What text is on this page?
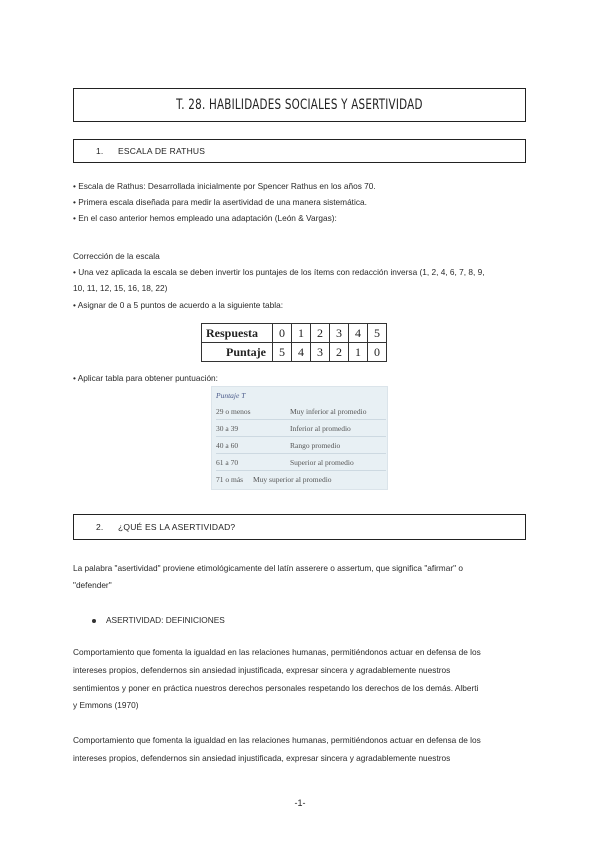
T. 28. HABILIDADES SOCIALES Y ASERTIVIDAD
1.	ESCALA DE RATHUS
• Escala de Rathus: Desarrollada inicialmente por Spencer Rathus en los años 70.
• Primera escala diseñada para medir la asertividad de una manera sistemática.
• En el caso anterior hemos empleado una adaptación (León & Vargas):
Corrección de la escala
• Una vez aplicada la escala se deben invertir los puntajes de los ítems con redacción inversa (1, 2, 4, 6, 7, 8, 9,
10, 11, 12, 15, 16, 18, 22)
• Asignar de 0 a 5 puntos de acuerdo a la siguiente tabla:
Respuesta	0	1	2	3	4	5
Puntaje	5	4	3	2	1	0
• Aplicar tabla para obtener puntuación:
Puntaje T
29 o menos	Muy inferior al promedio
30 a 39	Inferior al promedio
40 a 60	Rango promedio
61 a 70	Superior al promedio
71 o más Muy superior al promedio
2.	¿QUÉ ES LA ASERTIVIDAD?
La palabra "asertividad" proviene etimológicamente del latín asserere o assertum, que significa "afirmar" o
"defender"
ASERTIVIDAD: DEFINICIONES
Comportamiento que fomenta la igualdad en las relaciones humanas, permitiéndonos actuar en defensa de los
intereses propios, defendernos sin ansiedad injustificada, expresar sincera y agradablemente nuestros
sentimientos y poner en práctica nuestros derechos personales respetando los derechos de los demás. Alberti
y Emmons (1970)
Comportamiento que fomenta la igualdad en las relaciones humanas, permitiéndonos actuar en defensa de los
intereses propios, defendernos sin ansiedad injustificada, expresar sincera y agradablemente nuestros
-1-
